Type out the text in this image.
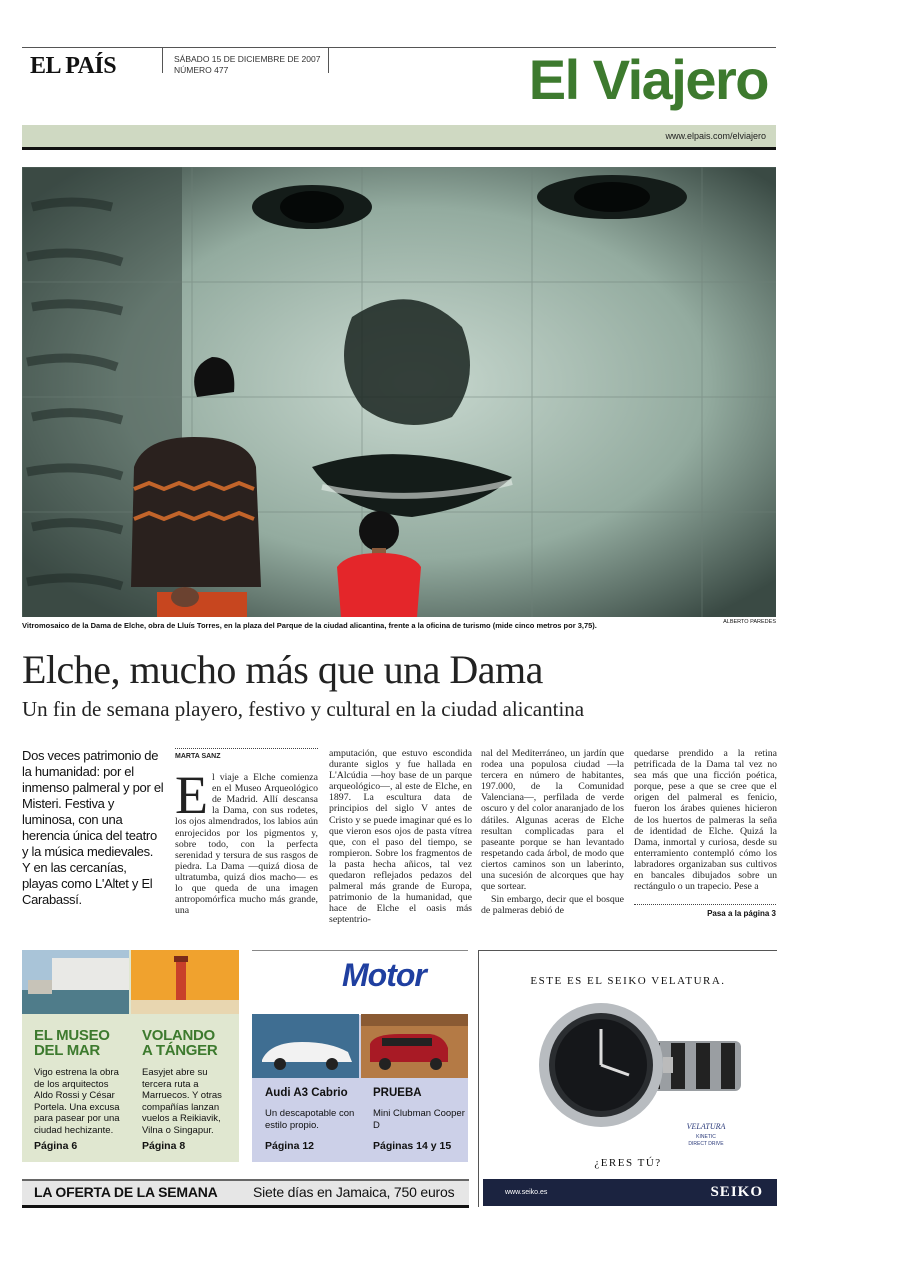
EL PAÍS	SÁBADO 15 DE DICIEMBRE DE 2007
NÚMERO 477	El Viajero
www.elpais.com/elviajero
Vitromosaico de la Dama de Elche, obra de Lluís Torres, en la plaza del Parque de la ciudad alicantina, frente a la oficina de turismo (mide cinco metros por 3,75).	ALBERTO PAREDES
Elche, mucho más que una Dama
Un fin de semana playero, festivo y cultural en la ciudad alicantina
Dos veces patrimonio de la humanidad: por el inmenso palmeral y por el Misteri. Festiva y luminosa, con una herencia única del teatro y la música medievales. Y en las cercanías, playas como L'Altet y El Carabassí.
MARTA SANZ
E l viaje a Elche comienza en el Museo Arqueológico de Madrid. Allí descansa la Dama, con sus rodetes, los ojos almendrados, los labios aún enrojecidos por los pigmentos y, sobre todo, con la perfecta serenidad y tersura de sus rasgos de piedra. La Dama —quizá diosa de ultratumba, quizá dios macho— es lo que queda de una imagen antropomórfica mucho más grande, una
amputación, que estuvo escondida durante siglos y fue hallada en L'Alcúdia —hoy base de un parque arqueológico—, al este de Elche, en 1897. La escultura data de principios del siglo V antes de Cristo y se puede imaginar qué es lo que vieron esos ojos de pasta vítrea que, con el paso del tiempo, se rompieron. Sobre los fragmentos de la pasta hecha añicos, tal vez quedaron reflejados pedazos del palmeral más grande de Europa, patrimonio de la humanidad, que hace de Elche el oasis más septentrio-
nal del Mediterráneo, un jardín que rodea una populosa ciudad —la tercera en número de habitantes, 197.000, de la Comunidad Valenciana—, perfilada de verde oscuro y del color anaranjado de los dátiles. Algunas aceras de Elche resultan complicadas para el paseante porque se han levantado respetando cada árbol, de modo que ciertos caminos son un laberinto, una sucesión de alcorques que hay que sortear.
Sin embargo, decir que el bosque de palmeras debió de
quedarse prendido a la retina petrificada de la Dama tal vez no sea más que una ficción poética, porque, pese a que se cree que el origen del palmeral es fenicio, fueron los árabes quienes hicieron de los huertos de palmeras la seña de identidad de Elche. Quizá la Dama, inmortal y curiosa, desde su enterramiento contempló cómo los labradores organizaban sus cultivos en bancales dibujados sobre un rectángulo o un trapecio. Pese a
Pasa a la página 3
EL MUSEO
DEL MAR
VOLANDO
A TÁNGER
Vigo estrena la obra de los arquitectos Aldo Rossi y César Portela. Una excusa para pasear por una ciudad hechizante.
Easyjet abre su tercera ruta a Marruecos. Y otras compañías lanzan vuelos a Reikiavik, Vilna o Singapur.
Página 6	Página 8
Motor
Audi A3 Cabrio PRUEBA
Un descapotable con estilo propio.
Mini Clubman Cooper D
Página 12	Páginas 14 y 15
ESTE ES EL SEIKO VELATURA.
VELATURA
KINETIC
DIRECT DRIVE
¿ERES TÚ?
www.seiko.es	SEIKO
LA OFERTA DE LA SEMANA	Siete días en Jamaica, 750 euros
